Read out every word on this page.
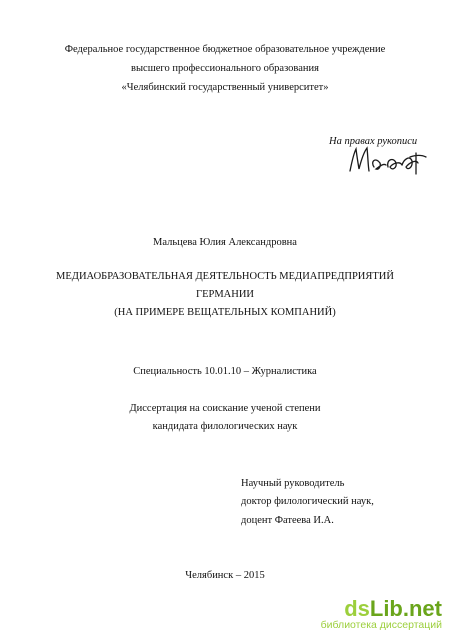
Федеральное государственное бюджетное образовательное учреждение
высшего профессионального образования
«Челябинский государственный университет»
На правах рукописи
Мальцева Юлия Александровна
МЕДИАОБРАЗОВАТЕЛЬНАЯ ДЕЯТЕЛЬНОСТЬ МЕДИАПРЕДПРИЯТИЙ
ГЕРМАНИИ
(НА ПРИМЕРЕ ВЕЩАТЕЛЬНЫХ КОМПАНИЙ)
Специальность 10.01.10 – Журналистика
Диссертация на соискание ученой степени
кандидата филологических наук
Научный руководитель
доктор филологический наук,
доцент Фатеева И.А.
Челябинск – 2015
dsLib.net
библиотека диссертаций
